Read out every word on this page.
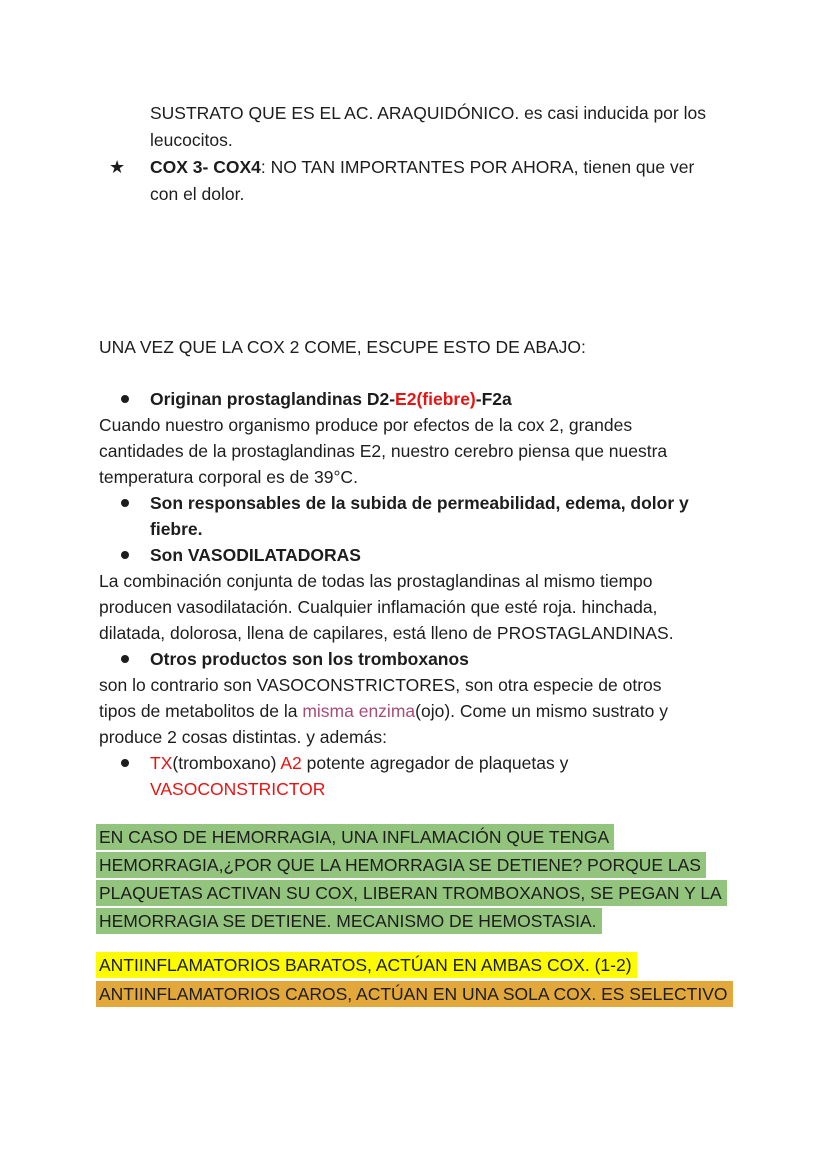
SUSTRATO QUE ES EL AC. ARAQUIDÓNICO. es casi inducida por los
leucocitos.
★ COX 3- COX4: NO TAN IMPORTANTES POR AHORA, tienen que ver
con el dolor.
UNA VEZ QUE LA COX 2 COME, ESCUPE ESTO DE ABAJO:
Originan prostaglandinas D2-E2(fiebre)-F2a
Cuando nuestro organismo produce por efectos de la cox 2, grandes
cantidades de la prostaglandinas E2, nuestro cerebro piensa que nuestra
temperatura corporal es de 39°C.
Son responsables de la subida de permeabilidad, edema, dolor y
fiebre.
Son VASODILATADORAS
La combinación conjunta de todas las prostaglandinas al mismo tiempo
producen vasodilatación. Cualquier inflamación que esté roja. hinchada,
dilatada, dolorosa, llena de capilares, está lleno de PROSTAGLANDINAS.
Otros productos son los tromboxanos
son lo contrario son VASOCONSTRICTORES, son otra especie de otros
tipos de metabolitos de la misma enzima(ojo). Come un mismo sustrato y
produce 2 cosas distintas. y además:
TX(tromboxano) A2 potente agregador de plaquetas y
VASOCONSTRICTOR
EN CASO DE HEMORRAGIA, UNA INFLAMACIÓN QUE TENGA
HEMORRAGIA,¿POR QUE LA HEMORRAGIA SE DETIENE? PORQUE LAS
PLAQUETAS ACTIVAN SU COX, LIBERAN TROMBOXANOS, SE PEGAN Y LA
HEMORRAGIA SE DETIENE. MECANISMO DE HEMOSTASIA.
ANTIINFLAMATORIOS BARATOS, ACTÚAN EN AMBAS COX. (1-2)
ANTIINFLAMATORIOS CAROS, ACTÚAN EN UNA SOLA COX. ES SELECTIVO
